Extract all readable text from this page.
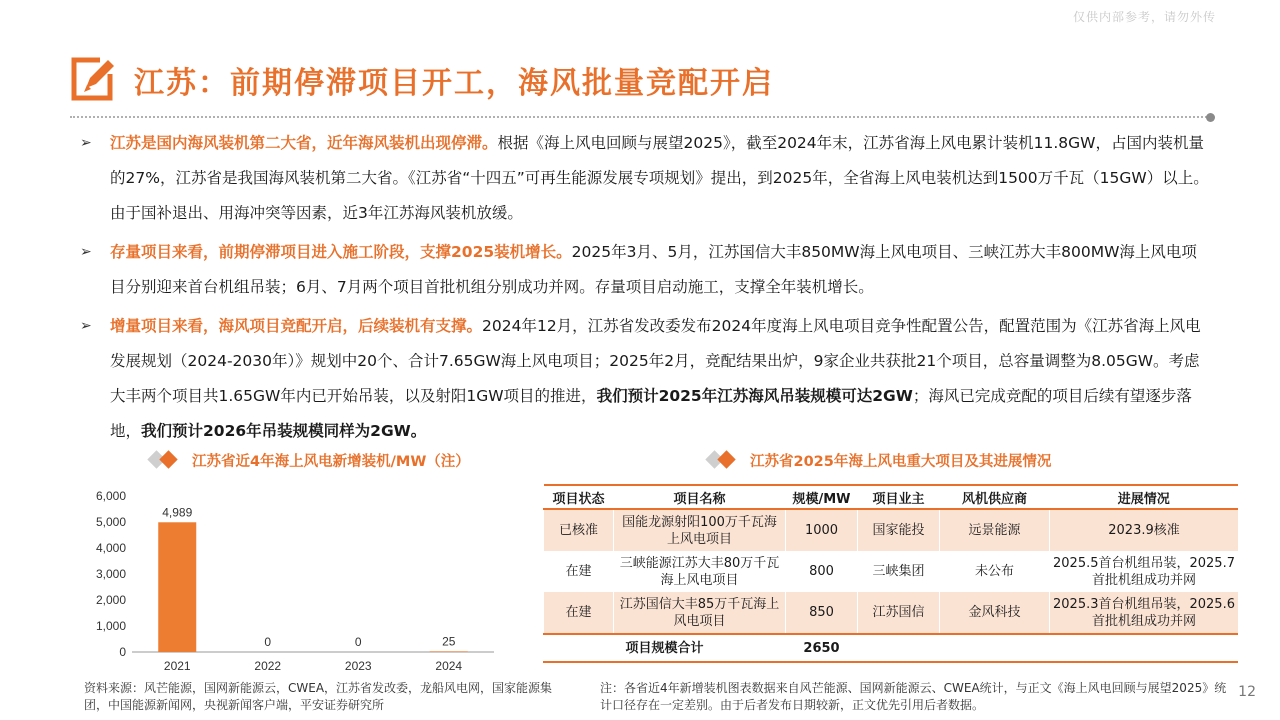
仅供内部参考，请勿外传
江苏：前期停滞项目开工，海风批量竞配开启
➢ 江苏是国内海风装机第二大省，近年海风装机出现停滞。根据《海上风电回顾与展望2025》，截至2024年末，江苏省海上风电累计装机11.8GW，占国内装机量的27%，江苏省是我国海风装机第二大省。《江苏省“十四五”可再生能源发展专项规划》提出，到2025年，全省海上风电装机达到1500万千瓦（15GW）以上。由于国补退出、用海冲突等因素，近3年江苏海风装机放缓。
➢ 存量项目来看，前期停滞项目进入施工阶段，支撑2025装机增长。2025年3月、5月，江苏国信大丰850MW海上风电项目、三峡江苏大丰800MW海上风电项目分别迎来首台机组吊装；6月、7月两个项目首批机组分别成功并网。存量项目启动施工，支撑全年装机增长。
➢ 增量项目来看，海风项目竞配开启，后续装机有支撑。2024年12月，江苏省发改委发布2024年度海上风电项目竞争性配置公告，配置范围为《江苏省海上风电发展规划（2024-2030年）》规划中20个、合计7.65GW海上风电项目；2025年2月，竞配结果出炉，9家企业共获批21个项目，总容量调整为8.05GW。考虑大丰两个项目共1.65GW年内已开始吊装，以及射阳1GW项目的推进，我们预计2025年江苏海风吊装规模可达2GW；海风已完成竞配的项目后续有望逐步落地，我们预计2026年吊装规模同样为2GW。
江苏省近4年海上风电新增装机/MW（注）	江苏省2025年海上风电重大项目及其进展情况
0
1,000
2,000
3,000
4,000
5,000
6,000
4,989
2021
0
2022
0
2023
25
2024
项目状态	项目名称	规模/MW	项目业主	风机供应商	进展情况
已核准	国能龙源射阳100万千瓦海上风电项目	1000	国家能投	远景能源	2023.9核准
在建	三峡能源江苏大丰80万千瓦海上风电项目	800	三峡集团	未公布	2025.5首台机组吊装，2025.7首批机组成功并网
在建	江苏国信大丰85万千瓦海上风电项目	850	江苏国信	金风科技	2025.3首台机组吊装，2025.6首批机组成功并网
项目规模合计		2650			
资料来源：风芒能源，国网新能源云，CWEA，江苏省发改委，龙船风电网，国家能源集团，中国能源新闻网，央视新闻客户端，平安证券研究所
注：各省近4年新增装机图表数据来自风芒能源、国网新能源云、CWEA统计，与正文《海上风电回顾与展望2025》统计口径存在一定差别。由于后者发布日期较新，正文优先引用后者数据。
12
